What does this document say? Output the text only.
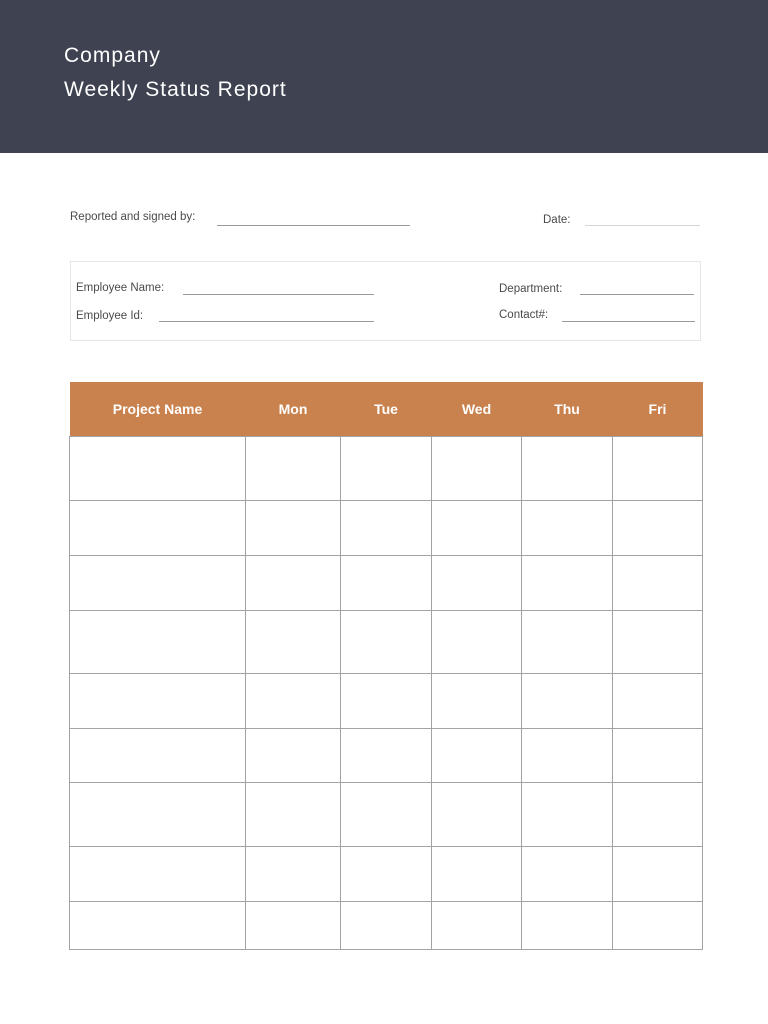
Company
Weekly Status Report
Reported and signed by:	Date:
Employee Name:
Employee Id:
Department:
Contact#:
Project Name	Mon	Tue	Wed	Thu	Fri
